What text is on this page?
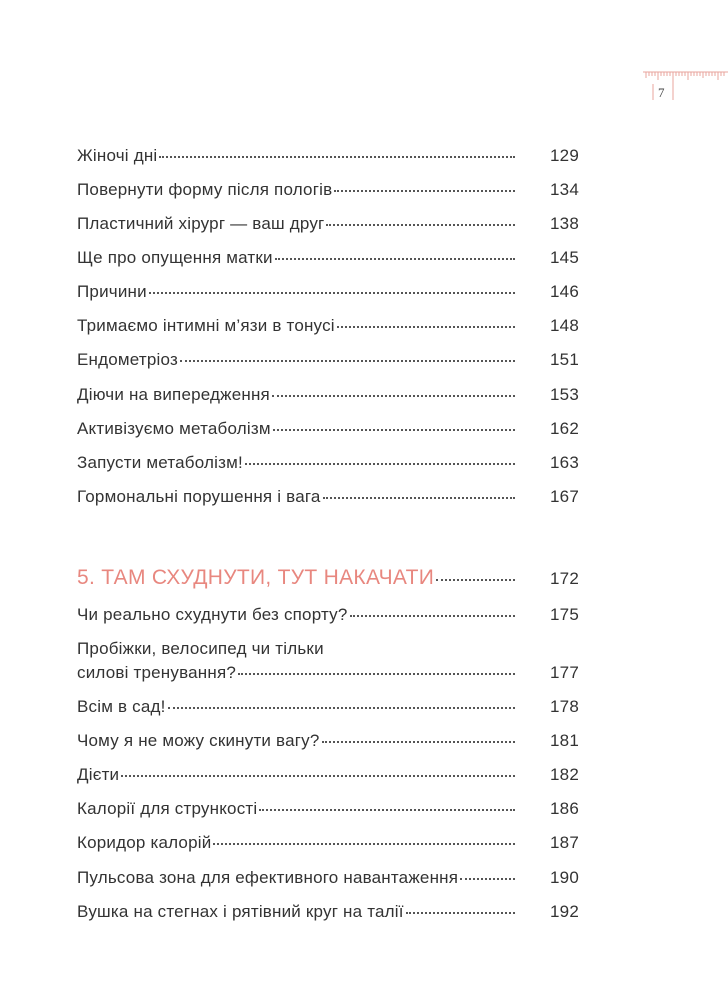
7
Жіночі дні	129
Повернути форму після пологів	134
Пластичний хірург — ваш друг	138
Ще про опущення матки	145
Причини	146
Тримаємо інтимні м’язи в тонусі	148
Ендометріоз	151
Діючи на випередження	153
Активізуємо метаболізм	162
Запусти метаболізм!	163
Гормональні порушення і вага	167
5. ТАМ СХУДНУТИ, ТУТ НАКАЧАТИ	172
Чи реально схуднути без спорту?	175
Пробіжки, велосипед чи тільки
силові тренування?	177
Всім в сад!	178
Чому я не можу скинути вагу?	181
Дієти	182
Калорії для стрункості	186
Коридор калорій	187
Пульсова зона для ефективного навантаження	190
Вушка на стегнах і рятівний круг на талії	192
